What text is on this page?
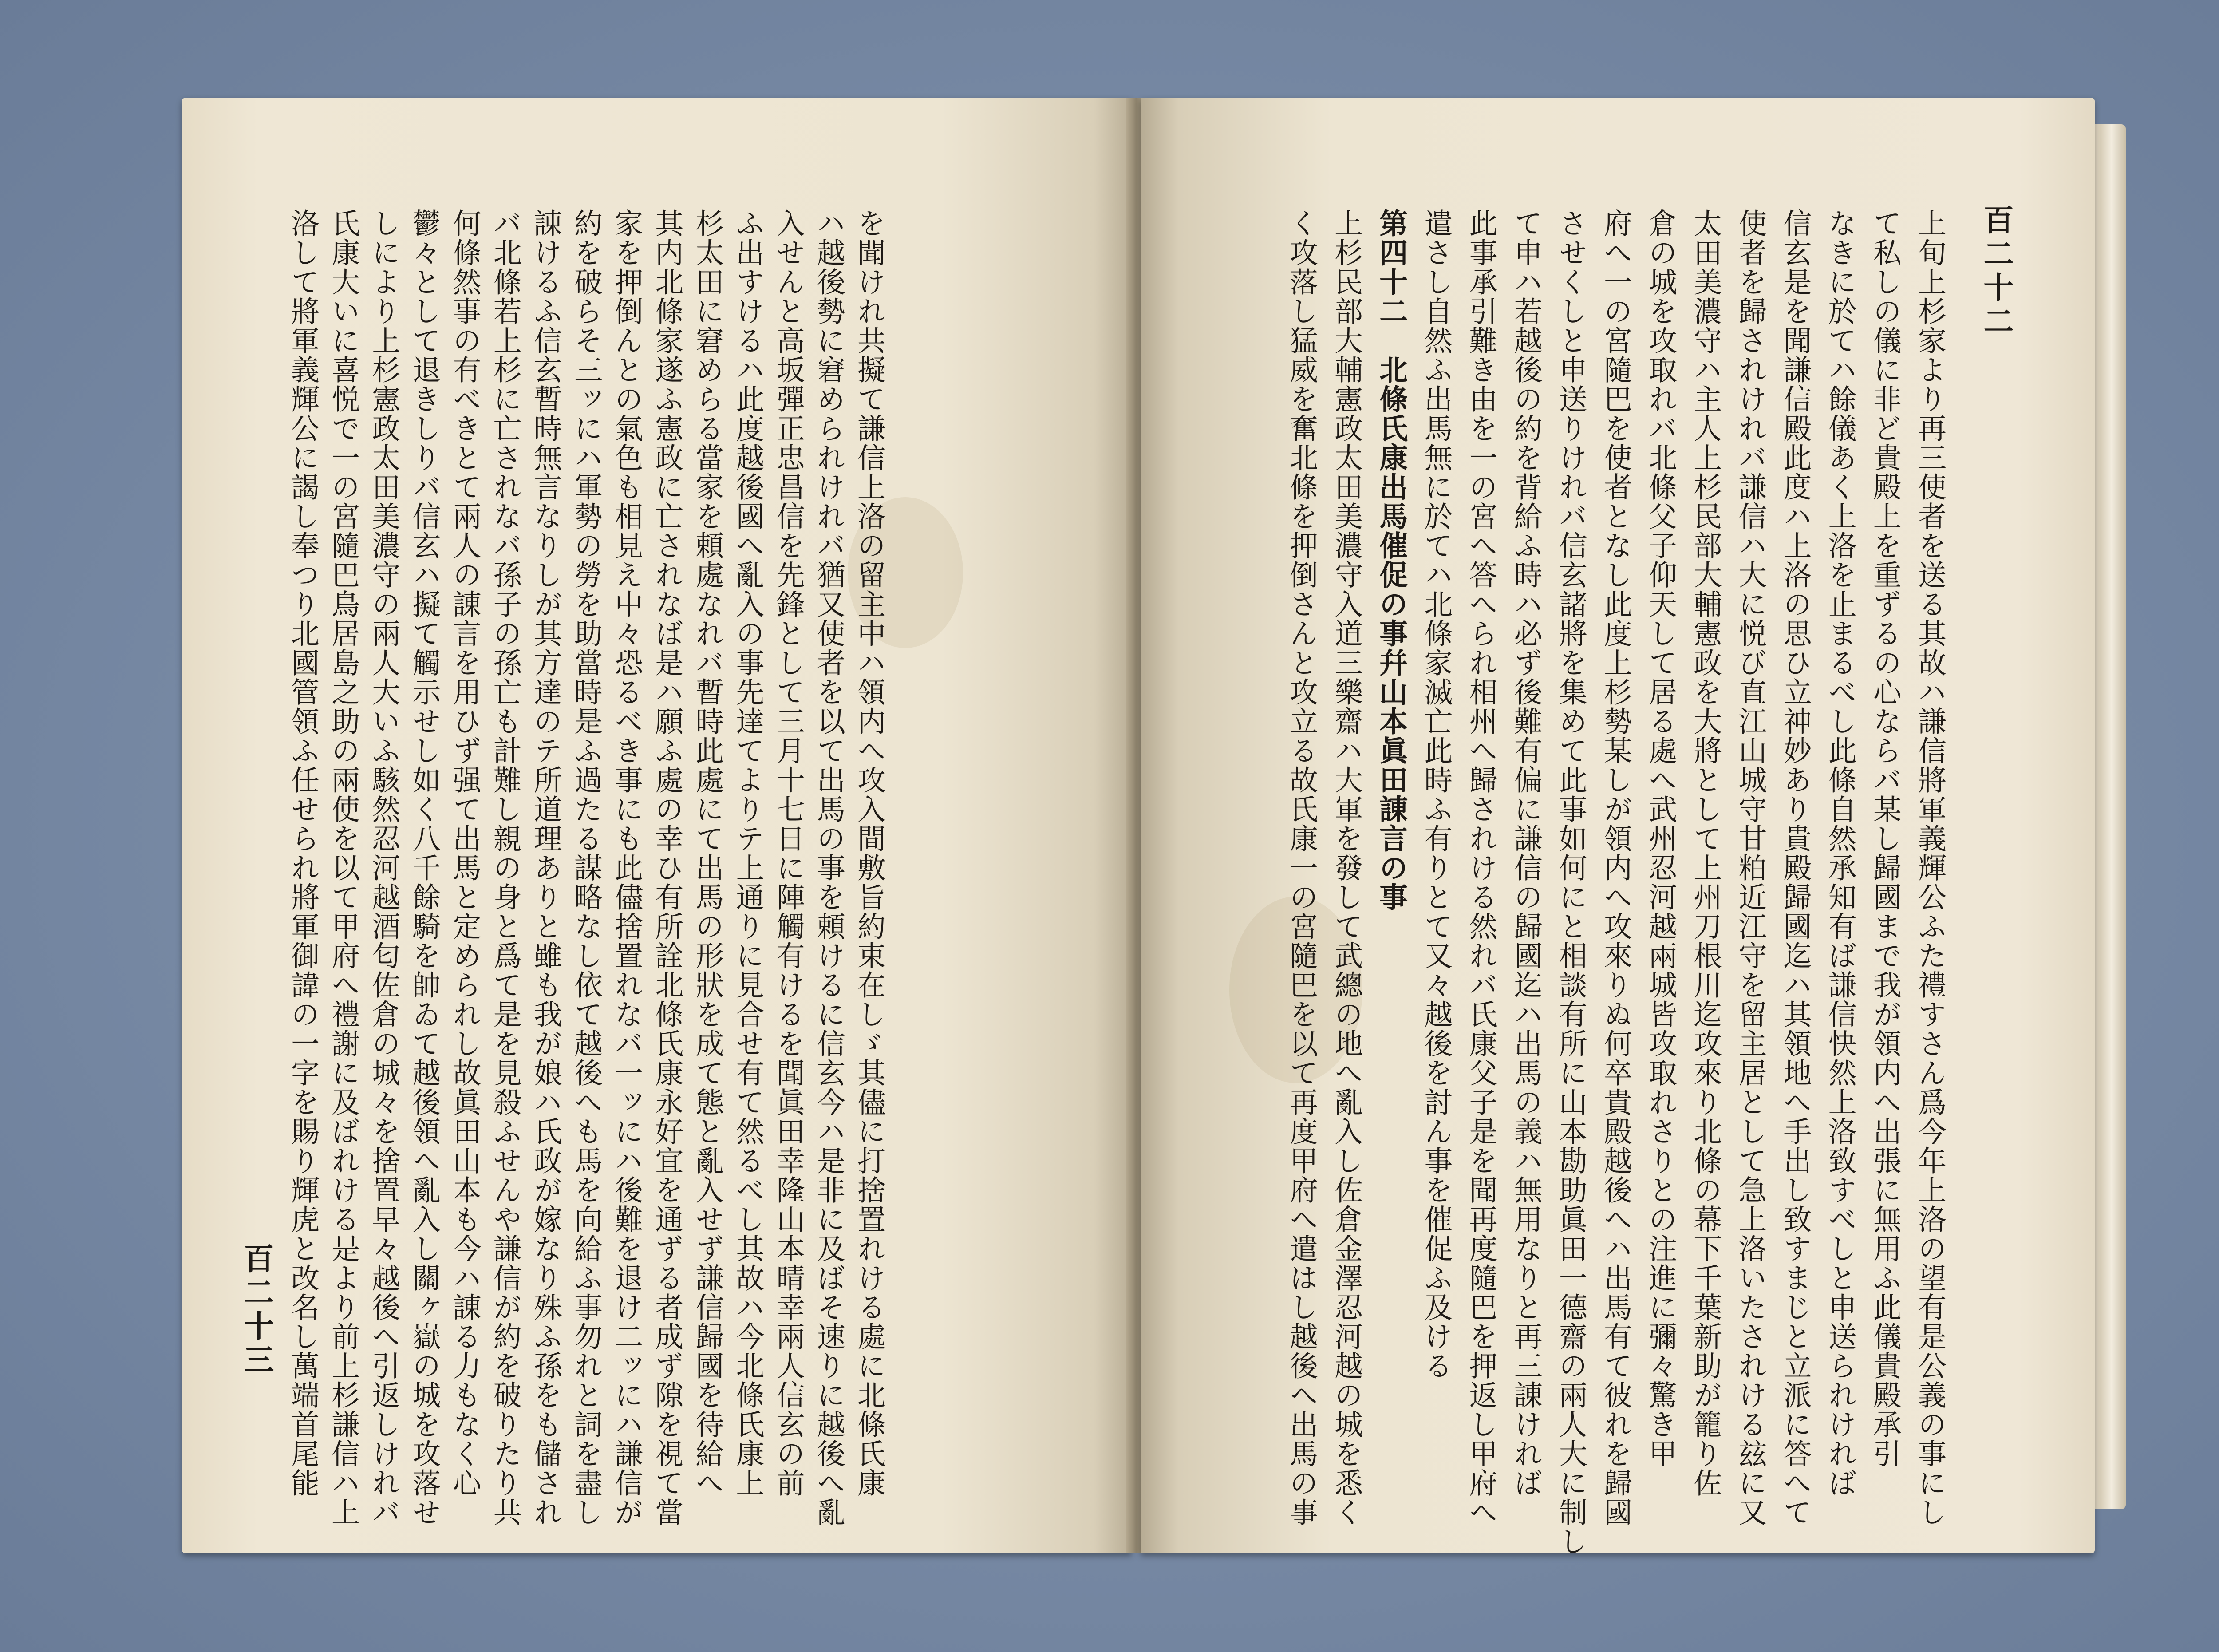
を聞けれ共擬て謙信上洛の留主中ハ領内へ攻入間敷旨約束在しゞ其儘に打捨置れける處に北條氏康
ハ越後勢に窘められけれバ猶又使者を以て出馬の事を頼けるに信玄今ハ是非に及ばそ速りに越後へ亂
入せんと高坂彈正忠昌信を先鋒として三月十七日に陣觸有けるを聞眞田幸隆山本晴幸兩人信玄の前
ふ出すけるハ此度越後國へ亂入の事先達てよりテ上通りに見合せ有て然るべし其故ハ今北條氏康上
杉太田に窘めらる當家を頼處なれバ暫時此處にて出馬の形狀を成て態と亂入せず謙信歸國を待給へ
其内北條家遂ふ憲政に亡されなば是ハ願ふ處の幸ひ有所詮北條氏康永好宜を通ずる者成ず隙を視て當
家を押倒んとの氣色も相見え中々恐るべき事にも此儘捨置れなバ一ッにハ後難を退け二ッにハ謙信が
約を破らそ三ッにハ軍勢の勞を助當時是ふ過たる謀略なし依て越後へも馬を向給ふ事勿れと詞を盡し
諌けるふ信玄暫時無言なりしが其方達のテ所道理ありと雖も我が娘ハ氏政が嫁なり殊ふ孫をも儲され
バ北條若上杉に亡されなバ孫子の孫亡も計難し親の身と爲て是を見殺ふせんや謙信が約を破りたり共
何條然事の有べきとて兩人の諌言を用ひず强て出馬と定められし故眞田山本も今ハ諌る力もなく心
鬱々として退きしりバ信玄ハ擬て觸示せし如く八千餘騎を帥ゐて越後領へ亂入し關ヶ嶽の城を攻落せ
しにより上杉憲政太田美濃守の兩人大いふ駭然忍河越酒匂佐倉の城々を捨置早々越後へ引返しけれバ
氏康大いに喜悦で一の宮隨巴鳥居島之助の兩使を以て甲府へ禮謝に及ばれける是より前上杉謙信ハ上
洛して將軍義輝公に謁し奉つり北國管領ふ任せられ將軍御諱の一字を賜り輝虎と改名し萬端首尾能
百二十三	上旬上杉家より再三使者を送る其故ハ謙信將軍義輝公ふた禮すさん爲今年上洛の望有是公義の事にし
て私しの儀に非ど貴殿上を重ずるの心ならバ某し歸國まで我が領内へ出張に無用ふ此儀貴殿承引
なきに於てハ餘儀あく上洛を止まるべし此條自然承知有ば謙信快然上洛致すべしと申送られければ
信玄是を聞謙信殿此度ハ上洛の思ひ立神妙あり貴殿歸國迄ハ其領地へ手出し致すまじと立派に答へて
使者を歸されけれバ謙信ハ大に悦び直江山城守甘粕近江守を留主居として急上洛いたされける玆に又
太田美濃守ハ主人上杉民部大輔憲政を大將として上州刀根川迄攻來り北條の幕下千葉新助が籠り佐
倉の城を攻取れバ北條父子仰天して居る處へ武州忍河越兩城皆攻取れさりとの注進に彌々驚き甲
府へ一の宮隨巴を使者となし此度上杉勢某しが領内へ攻來りぬ何卒貴殿越後へハ出馬有て彼れを歸國
させくしと申送りけれバ信玄諸將を集めて此事如何にと相談有所に山本勘助眞田一德齋の兩人大に制し
て申ハ若越後の約を背給ふ時ハ必ず後難有偏に謙信の歸國迄ハ出馬の義ハ無用なりと再三諌ければ
此事承引難き由を一の宮へ答へられ相州へ歸されける然れバ氏康父子是を聞再度隨巴を押返し甲府へ
遣さし自然ふ出馬無に於てハ北條家滅亡此時ふ有りとて又々越後を討ん事を催促ふ及ける
第四十二　北條氏康出馬催促の事幷山本眞田諌言の事
上杉民部大輔憲政太田美濃守入道三樂齋ハ大軍を發して武總の地へ亂入し佐倉金澤忍河越の城を悉く
く攻落し猛威を奮北條を押倒さんと攻立る故氏康一の宮隨巴を以て再度甲府へ遣はし越後へ出馬の事	百二十二
